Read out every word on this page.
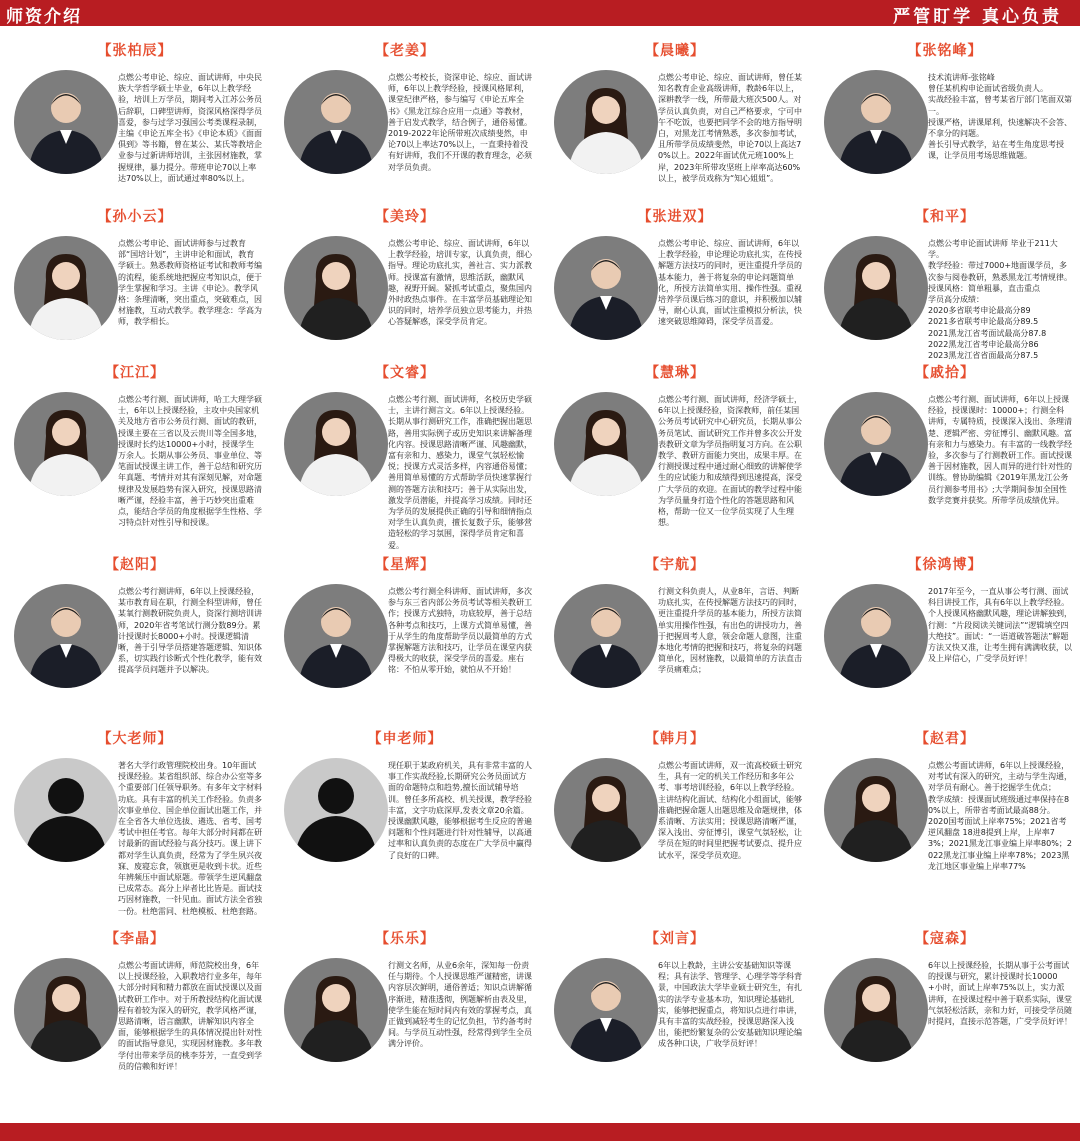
师资介绍	严管盯学 真心负责
【张柏辰】
点燃公考申论、综应、面试讲师，中央民族大学哲学硕士毕业，6年以上教学经验，培训上万学员，期间考入江苏公务员后辞职，口碑型讲师，资深风格深得学员喜爱，参与过学习强国公考类课程录制，主编《申论五库全书》《申论本质》《面面俱到》等书籍，曾在某公、某氏等教培企业参与过新讲师培训，主张因材施教，掌握规律，暴力提分。带班申论70以上率达70%以上，面试通过率80%以上。
【老姜】
点燃公考校长，资深申论、综应、面试讲师，6年以上教学经验，授课风格犀利，课堂纪律严格，参与编写《申论五库全书》《黑龙江综合应用一点通》等教材，善于启发式教学，结合例子，通俗易懂。2019-2022年论所带班次成绩斐然，申论70以上率达70%以上，一直秉持着没有好讲师，我们不开课的教育理念，必须对学员负责。
【晨曦】
点燃公考申论、综应、面试讲师，曾任某知名教育企业高级讲师，教龄6年以上，深耕教学一线，所带最大班次500人。对学员认真负责，对自己严格要求，宁可中午不吃饭，也要把同学不会的地方指导明白，对黑龙江考情熟悉，多次参加考试，且所带学员成绩斐然，申论70以上高达70%以上。2022年面试优元班100%上岸，2023年所带攻坚班上岸率高达60%以上，被学员戏称为“知心姐姐”。
【张铭峰】
技术流讲师-张铭峰
曾任某机构申论面试省级负责人。
实战经验丰富，曾考某省厅部门笔面双第一。
授课严格，讲课犀利，快速解决不会答、不拿分的问题。
善长引导式教学，站在考生角度思考授课，让学员用考场思维做题。
【孙小云】
点燃公考申论、面试讲师参与过教育部“国培计划”，主讲申论和面试，教育学硕士。熟悉教师资格证考试和教师考编的流程，能系统地把握应考知识点，便于学生掌握和学习。主讲《申论》。教学风格：条理清晰，突出重点，突破难点，因材施教，互动式教学。教学理念：学高为师，教学相长。
【美玲】
点燃公考申论、综应、面试讲师，6年以上教学经验，培训专家，认真负责，细心指导。理论功底扎实，善社言、实力派教师。授课富有激情，思维活跃，幽默风趣，视野开阔。紧抓考试重点，聚焦国内外时政热点事件。在丰富学员基础理论知识的同时，培养学员独立思考能力，并热心答疑解惑，深受学员肯定。
【张进双】
点燃公考申论、综应、面试讲师，6年以上教学经验，申论理论功底扎实，在传授解题方法技巧的同时，更注重提升学员的基本能力，善于将复杂的申论问题简单化，所授方法简单实用、操作性强。重视培养学员课后练习的意识，并积极加以辅导，耐心认真，面试注重模拟分析法，快速突破思维障碍，深受学员喜爱。
【和平】
点燃公考申论面试讲师 毕业于211大学。
教学经验：带过7000+地面课学员，多次参与阅卷教研，熟悉黑龙江考情规律。
授课风格：简单粗暴，直击重点
学员高分成绩：
2020多省联考申论最高分89
2021多省联考申论最高分89.5
2021黑龙江省考面试最高分87.8
2022黑龙江省考申论最高分86
2023黑龙江省省面最高分87.5
【江江】
点燃公考行测、面试讲师，哈工大理学硕士，6年以上授课经验，主攻中央国家机关及地方省市公务员行测、面试的教研，授课主要在三省以及云贵川等全国多地，授课时长约达10000+小时，授课学生万余人。长期从事公务员、事业单位、等笔面试授课主讲工作，善于总结和研究历年真题、考情并对其有深刻见解，对命题规律及发展趋势有深入研究，授课思路清晰严谨，经验丰富，善于巧妙突出重难点，能结合学员的角度根据学生性格、学习特点针对性引导和授课。
【文睿】
点燃公考行测、面试讲师，名校历史学硕士，主讲行测言文。6年以上授课经验。长期从事行测研究工作，准确把握出题思路，善用实际例子或历史知识来讲解备理化内容。授课思路清晰严谨、风趣幽默，富有亲和力、感染力，课堂气氛轻松愉悦；授课方式灵活多样，内容通俗易懂；善用简单易懂的方式帮助学员快速掌握行测的答题方法和技巧；善于从实际出发，激发学员潜能，并提高学习成绩。同时还为学员的发展提供正确的引导和细情指点对学生认真负责，擅长复数子乐，能够营造轻松的学习氛围，深得学员肯定和喜爱。
【慧琳】
点燃公考行测、面试讲师，经济学硕士，6年以上授课经验，资深教师，前任某国公务员考试研究中心研究员，长期从事公务员笔试、面试研究工作并曾多次公开发表教研文章为学员指明复习方向。在公职教学、教研方面能力突出，成果丰厚。在行测授课过程中通过耐心细致的讲解使学生的应试能力和成绩得到迅速提高，深受广大学员的欢迎。在面试的教学过程中能为学员量身打造个性化的答题思路和风格，帮助一位又一位学员实现了人生理想。
【戚拾】
点燃公考行测、面试讲师，6年以上授课经验，授课课时：10000+；行测全科讲师，专属特质，授课深入浅出、条理清楚、逻辑严密、旁征博引、幽默风趣。富有亲和力与感染力。有丰富的一线教学经验，多次参与了行测教研工作。面试授课善于因材施教，因人而异的进行针对性的训练。曾协助编辑《2019年黑龙江公务员行测参考用书》;大学期间参加全国性数学竞赛并获奖。所带学员成绩优异。
【赵阳】
点燃公考行测讲师，6年以上授课经验，某市教育局在职，行测全科型讲师，曾任某氧行测教研院负责人，资深行测培训讲师，2020年省考笔试行测分数89分。累计授课时长8000+小时。授课逻辑清晰，善于引导学员搭建答题逻辑、知识体系，切实践行诊断式个性化教学，能有效提高学员问题并予以解决。
【星辉】
点燃公考行测全科讲师、面试讲师，多次参与东三省内部公务员考试等相关教研工作；授课方式独特，功底较厚，善于总结各种考点和技巧，上课方式简单易懂，善于从学生的角度帮助学员以最简单的方式掌握解题方法和技巧，让学员在课堂内获得极大的收获，深受学员的喜爱。座右铭：不怕从零开始，就怕从不开始！
【宇航】
行测文科负责人，从业8年，言语、判断功底扎实，在传授解题方法技巧的同时，更注重提升学员的基本能力，所授方法简单实用操作性强，有出色的讲授功力，善于把握周考人意，领会命题人意图，注重本地化考情的把握和技巧，将复杂的问题简单化，因材施教，以最简单的方法直击学员痛难点；
【徐鸿博】
2017年至今，一直从事公考行测、面试科目讲授工作，具有6年以上教学经验。个人授课风格幽默风趣，理论讲解独到，行测：“片段阅读关键词法”“逻辑填空四大绝技”。面试：“一语道破答题法”解题方法又快又准，让考生拥有满满收获，以及上岸信心，广受学员好评！
【大老师】
著名大学行政管理院校出身。10年面试授课经验。某省组织部、综合办公室等多个重要部门任领导职务。有多年文字材料功底。具有丰富的机关工作经验。负责多次事业单位、国企单位面试出题工作，并在全省各大单位选拔、遴选、省考、国考考试中担任考官。每年大部分时间都在研讨最新的面试经验与高分技巧。课上讲下都对学生认真负责，经常为了学生夙兴夜寐、废寝忘食，领旗更是收到卡状。近些年辨频压中面试原题。带领学生逆风翻盘已成常态。高分上岸者比比皆是。面试技巧因材施教，一针见血。面试方法全省独一份。杜绝雷同、杜绝模板、杜绝套路。
【申老师】
现任职于某政府机关，具有非常丰富的人事工作实战经验,长期研究公务员面试方面的命题特点和趋势,擅长面试辅导培训。曾任多所高校、机关授课，教学经验丰富，文字功底深厚,发表文章20余篇。授课幽默风趣，能够根据考生反应的普遍问题和个性问题进行针对性辅导，以高通过率和认真负责的态度在广大学员中赢得了良好的口碑。
【韩月】
点燃公考面试讲师，双一流高校硕士研究生，具有一定的机关工作经历和多年公考、事考培训经验，6年以上教学经验。主讲结构化面试、结构化小组面试，能够准确把握命题人出题思维及命题规律，体系清晰、方法实用；授课思路清晰严谨，深入浅出、旁征博引，课堂气氛轻松，让学员在短的时间里把握考试要点、提升应试水平，深受学员欢迎。
【赵君】
点燃公考面试讲师，6年以上授课经验，对考试有深入的研究，主动与学生沟通，对学员有耐心。善于挖掘学生优点；
教学成绩：授课面试班级通过率保持在80%以上，所带省考面试最高88分。
2020国考面试上岸率75%；2021省考逆风翻盘 18进8提到上岸，上岸率73%；2021黑龙江事业编上岸率80%；2022黑龙江事业编上岸率78%；2023黑龙江地区事业编上岸率77%
【李晶】
点燃公考面试讲师，师范院校出身，6年以上授课经验，入职教培行业多年，每年大部分时间和精力都放在面试授课以及面试教研工作中。对于所教授结构化面试课程有着较为深入的研究，教学风格严谨，思路清晰，语言幽默，讲解知识内容全面，能够根据学生的具体情况提出针对性的面试指导意见，实现因材施教。多年教学付出带来学员的桃李芬芳，一直受到学员的信赖和好评！
【乐乐】
行测文名师，从业6余年，深知每一份责任与期待。个人授课思维严谨精密，讲课内容层次鲜明，通俗普适；知识点讲解循序渐进，精准透彻，例题解析由表及里，使学生能在短时间内有效的掌握考点，真正做到减轻考生的记忆负担，节约备考时间。与学员互动性强，经常得到学生全员满分评价。
【刘言】
6年以上教龄，主讲公安基础知识等课程；具有法学、管理学、心理学等学科背景，中国政法大学毕业硕士研究生，有扎实的法学专业基本功，知识理论基础扎实，能够把握重点，将知识点进行串讲，具有丰富的实战经验，授课思路深入浅出，能把纷繁复杂的公安基础知识理论编成各种口诀，广收学员好评！
【寇森】
6年以上授课经验，长期从事于公考面试的授课与研究，累计授课时长10000+小时，面试上岸率75%以上，实力派讲师，在授课过程中善于联系实际，课堂气氛轻松活跃，亲和力好，可接受学员随时提问，直接示范答题，广受学员好评！
